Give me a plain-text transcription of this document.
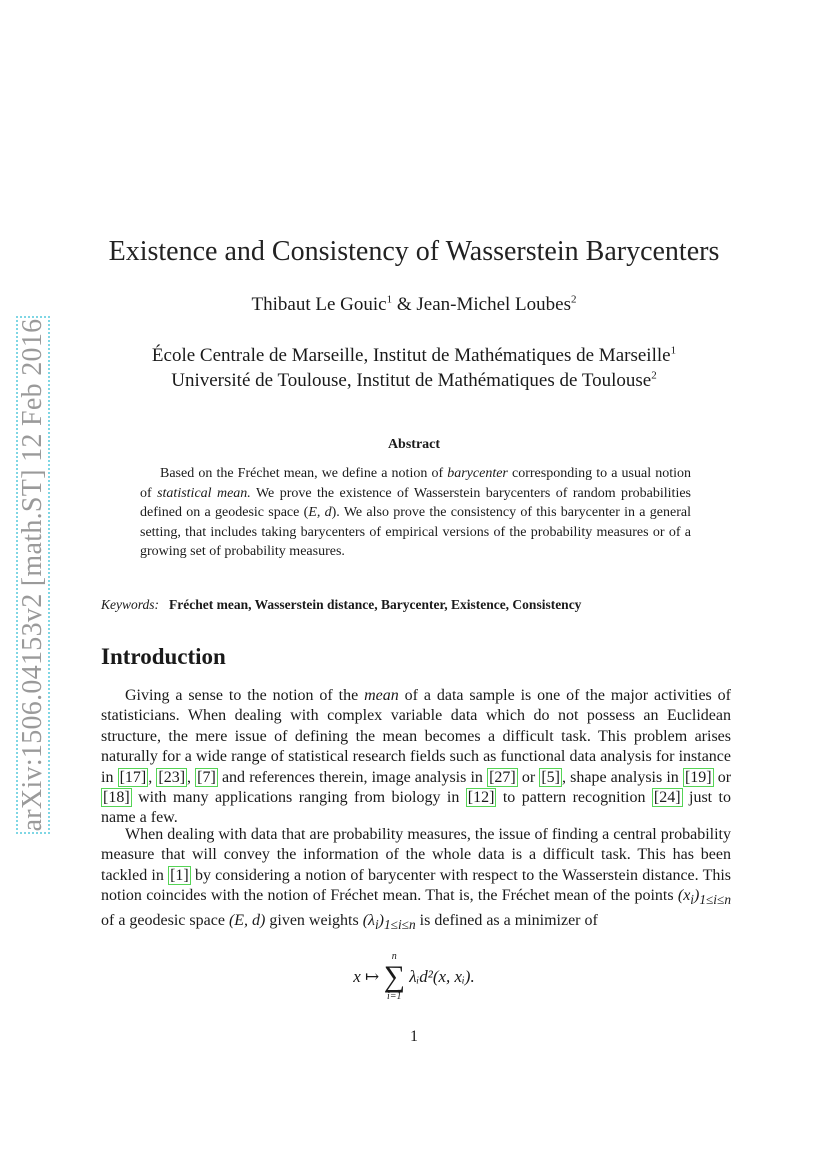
arXiv:1506.04153v2 [math.ST] 12 Feb 2016
Existence and Consistency of Wasserstein Barycenters
Thibaut Le Gouic$^1$ & Jean-Michel Loubes$^2$
École Centrale de Marseille, Institut de Mathématiques de Marseille$^1$
Université de Toulouse, Institut de Mathématiques de Toulouse$^2$
Abstract

Based on the Fréchet mean, we define a notion of barycenter corresponding to a usual notion of statistical mean. We prove the existence of Wasserstein barycenters of random probabilities defined on a geodesic space (E, d). We also prove the consistency of this barycenter in a general setting, that includes taking barycenters of empirical versions of the probability measures or of a growing set of probability measures.

Keywords: Fréchet mean, Wasserstein distance, Barycenter, Existence, Consistency
Introduction

Giving a sense to the notion of the mean of a data sample is one of the major activities of statisticians. When dealing with complex variable data which do not possess an Euclidean structure, the mere issue of defining the mean becomes a difficult task. This problem arises naturally for a wide range of statistical research fields such as functional data analysis for instance in [17] , [23] , [7] and references therein, image analysis in [27] or [5] , shape analysis in [19] or [18] with many applications ranging from biology in [12] to pattern recognition [24] just to name a few.

When dealing with data that are probability measures, the issue of finding a central probability measure that will convey the information of the whole data is a difficult task. This has been tackled in [1] by considering a notion of barycenter with respect to the Wasserstein distance. This notion coincides with the notion of Fréchet mean. That is, the Fréchet mean of the points $(x_i)_{1\le i\le n}$ of a geodesic space (E, d) given weights $(\lambda_i)_{1\le i\le n}$ is defined as a minimizer of

x ↦
n
∑
i=1
λᵢd²(x, xᵢ).
1
